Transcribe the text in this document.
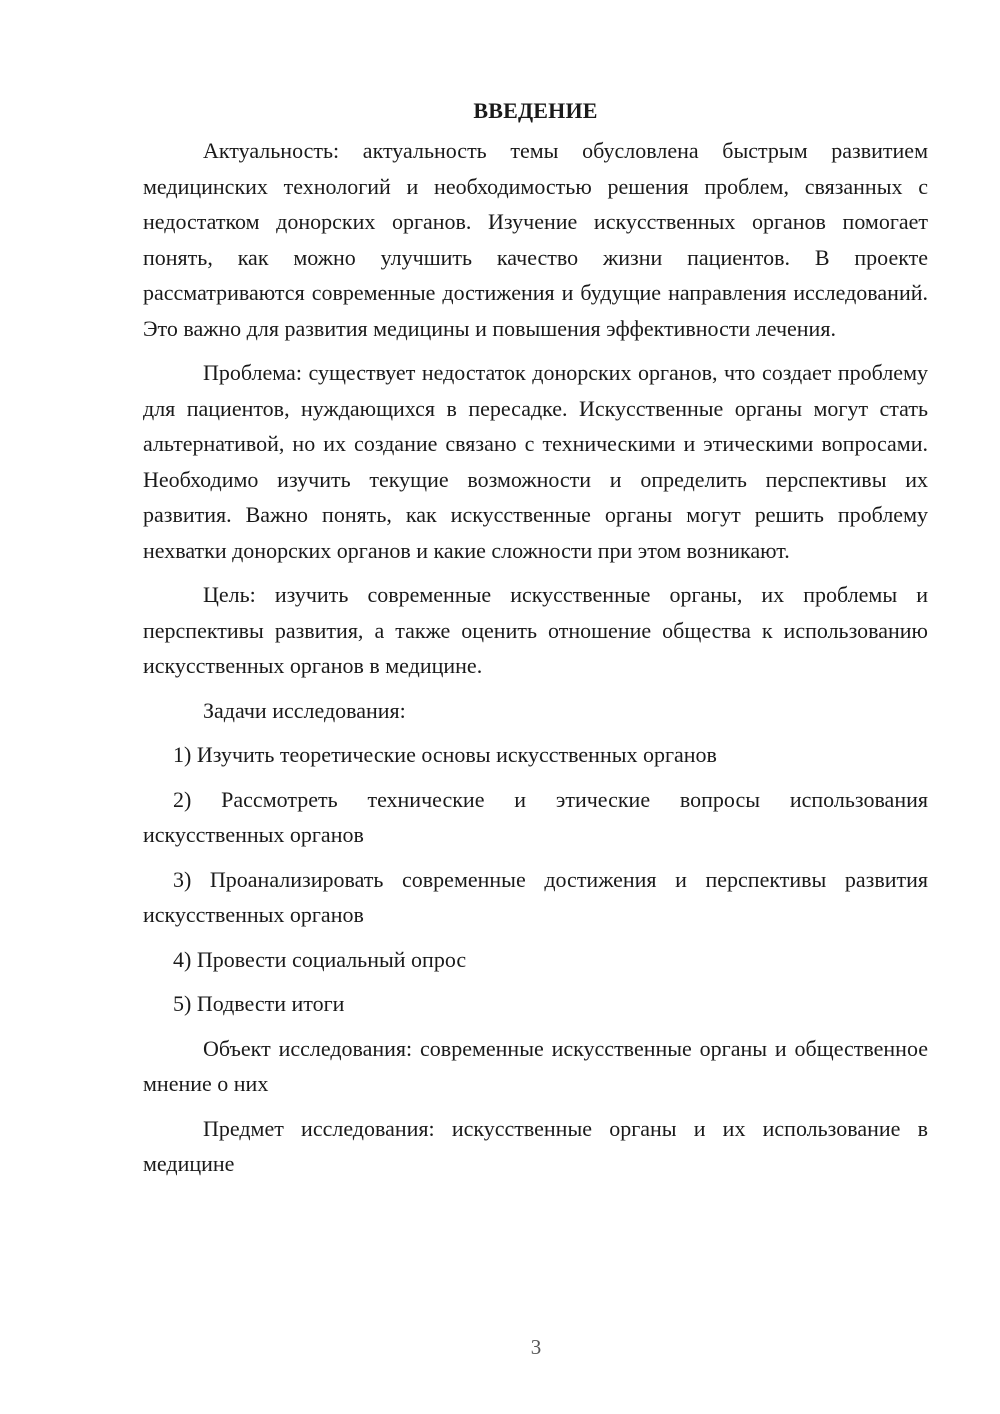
ВВЕДЕНИЕ

Актуальность: актуальность темы обусловлена быстрым развитием медицинских технологий и необходимостью решения проблем, связанных с недостатком донорских органов. Изучение искусственных органов помогает понять, как можно улучшить качество жизни пациентов. В проекте рассматриваются современные достижения и будущие направления исследований. Это важно для развития медицины и повышения эффективности лечения.

Проблема: существует недостаток донорских органов, что создает проблему для пациентов, нуждающихся в пересадке. Искусственные органы могут стать альтернативой, но их создание связано с техническими и этическими вопросами. Необходимо изучить текущие возможности и определить перспективы их развития. Важно понять, как искусственные органы могут решить проблему нехватки донорских органов и какие сложности при этом возникают.

Цель: изучить современные искусственные органы, их проблемы и перспективы развития, а также оценить отношение общества к использованию искусственных органов в медицине.

Задачи исследования:

1) Изучить теоретические основы искусственных органов

2) Рассмотреть технические и этические вопросы использования искусственных органов

3) Проанализировать современные достижения и перспективы развития искусственных органов

4) Провести социальный опрос

5) Подвести итоги

Объект исследования: современные искусственные органы и общественное мнение о них

Предмет исследования: искусственные органы и их использование в медицине

3
